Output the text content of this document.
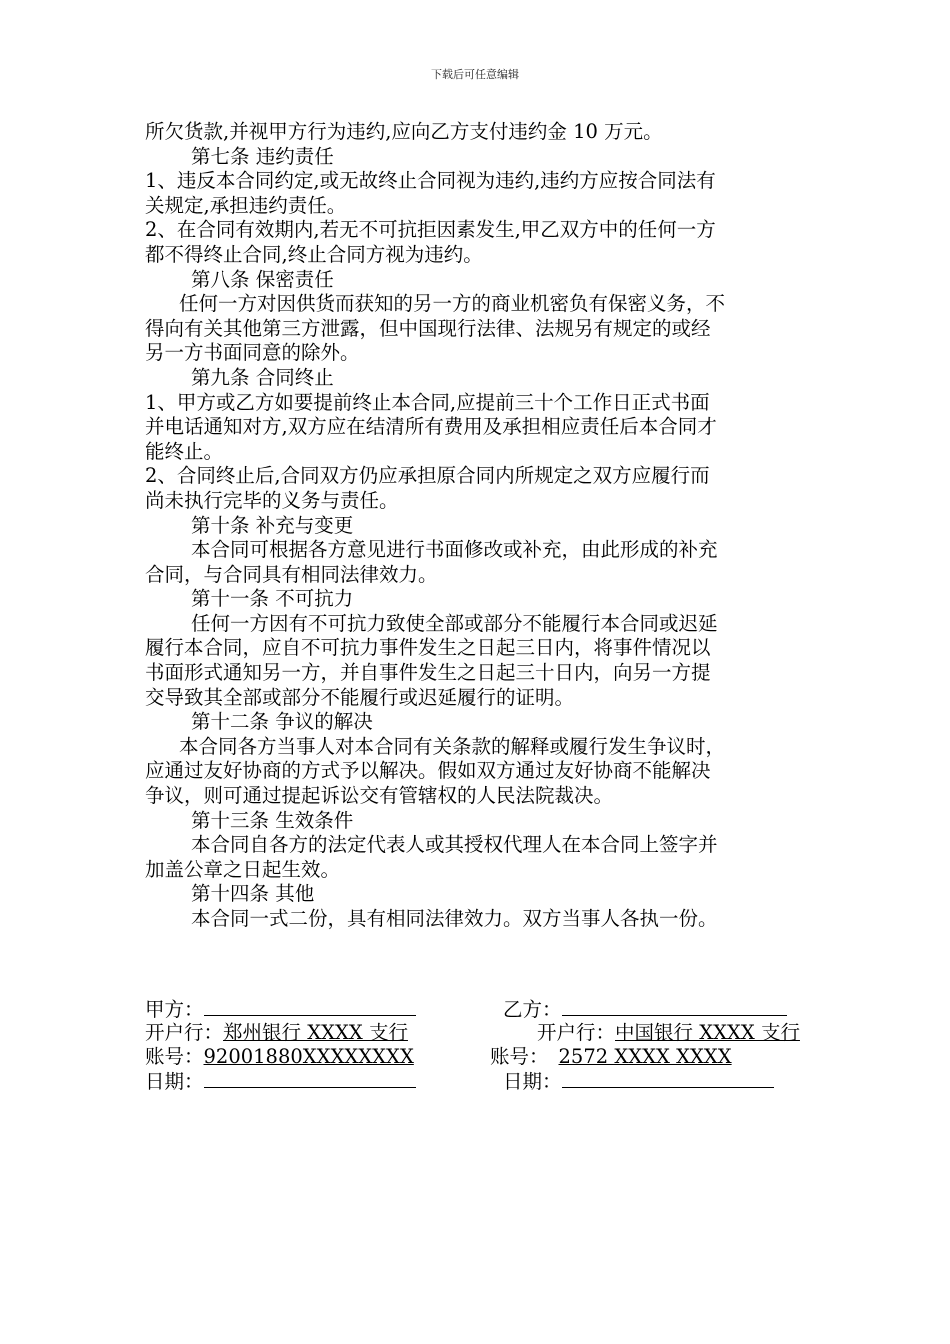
下载后可任意编辑
所欠货款,并视甲方行为违约,应向乙方支付违约金 10 万元。
第七条 违约责任
1、违反本合同约定,或无故终止合同视为违约,违约方应按合同法有
关规定,承担违约责任。
2、在合同有效期内,若无不可抗拒因素发生,甲乙双方中的任何一方
都不得终止合同,终止合同方视为违约。
第八条 保密责任
任何一方对因供货而获知的另一方的商业机密负有保密义务，不
得向有关其他第三方泄露，但中国现行法律、法规另有规定的或经
另一方书面同意的除外。
第九条 合同终止
1、甲方或乙方如要提前终止本合同,应提前三十个工作日正式书面
并电话通知对方,双方应在结清所有费用及承担相应责任后本合同才
能终止。
2、合同终止后,合同双方仍应承担原合同内所规定之双方应履行而
尚未执行完毕的义务与责任。
第十条 补充与变更
本合同可根据各方意见进行书面修改或补充，由此形成的补充
合同，与合同具有相同法律效力。
第十一条 不可抗力
任何一方因有不可抗力致使全部或部分不能履行本合同或迟延
履行本合同，应自不可抗力事件发生之日起三日内，将事件情况以
书面形式通知另一方，并自事件发生之日起三十日内，向另一方提
交导致其全部或部分不能履行或迟延履行的证明。
第十二条 争议的解决
本合同各方当事人对本合同有关条款的解释或履行发生争议时，
应通过友好协商的方式予以解决。假如双方通过友好协商不能解决
争议，则可通过提起诉讼交有管辖权的人民法院裁决。
第十三条 生效条件
本合同自各方的法定代表人或其授权代理人在本合同上签字并
加盖公章之日起生效。
第十四条 其他
本合同一式二份，具有相同法律效力。双方当事人各执一份。
甲方：
开户行：郑州银行 XXXX 支行
账号：92001880XXXXXXXX
日期：
乙方：
开户行：中国银行 XXXX 支行
账号： 2572 XXXX XXXX
日期：
